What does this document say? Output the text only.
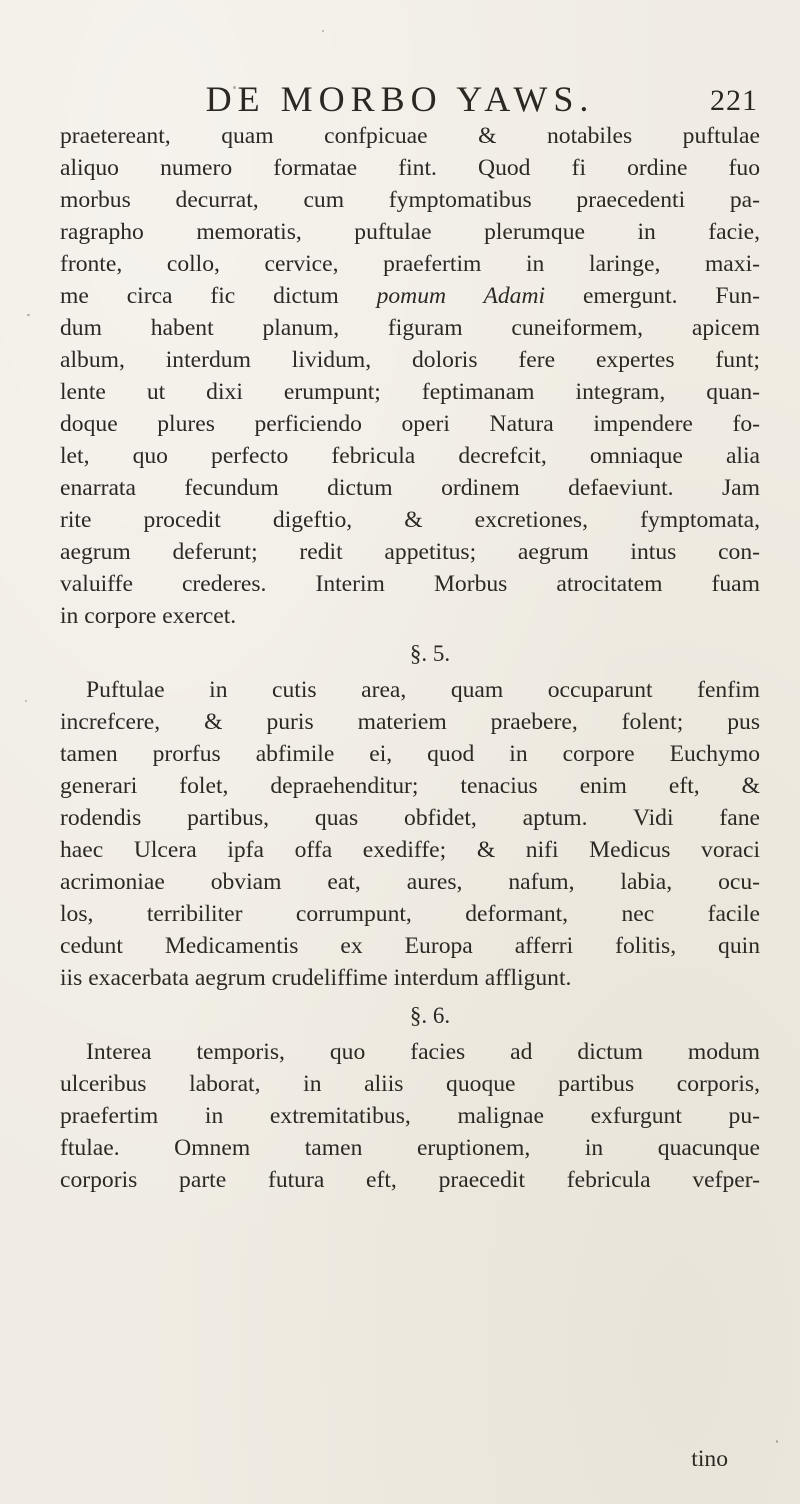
DE MORBO YAWS.	221
praetereant, quam confpicuae & notabiles puftulae
aliquo numero formatae fint. Quod fi ordine fuo
morbus decurrat, cum fymptomatibus praecedenti pa-
ragrapho memoratis, puftulae plerumque in facie,
fronte, collo, cervice, praefertim in laringe, maxi-
me circa fic dictum pomum Adami emergunt. Fun-
dum habent planum, figuram cuneiformem, apicem
album, interdum lividum, doloris fere expertes funt;
lente ut dixi erumpunt; feptimanam integram, quan-
doque plures perficiendo operi Natura impendere fo-
let, quo perfecto febricula decrefcit, omniaque alia
enarrata fecundum dictum ordinem defaeviunt. Jam
rite procedit digeftio, & excretiones, fymptomata,
aegrum deferunt; redit appetitus; aegrum intus con-
valuiffe crederes. Interim Morbus atrocitatem fuam
in corpore exercet.
§. 5.
Puftulae in cutis area, quam occuparunt fenfim
increfcere, & puris materiem praebere, folent; pus
tamen prorfus abfimile ei, quod in corpore Euchymo
generari folet, depraehenditur; tenacius enim eft, &
rodendis partibus, quas obfidet, aptum. Vidi fane
haec Ulcera ipfa offa exediffe; & nifi Medicus voraci
acrimoniae obviam eat, aures, nafum, labia, ocu-
los, terribiliter corrumpunt, deformant, nec facile
cedunt Medicamentis ex Europa afferri folitis, quin
iis exacerbata aegrum crudeliffime interdum affligunt.
§. 6.
Interea temporis, quo facies ad dictum modum
ulceribus laborat, in aliis quoque partibus corporis,
praefertim in extremitatibus, malignae exfurgunt pu-
ftulae. Omnem tamen eruptionem, in quacunque
corporis parte futura eft, praecedit febricula vefper-
tino
